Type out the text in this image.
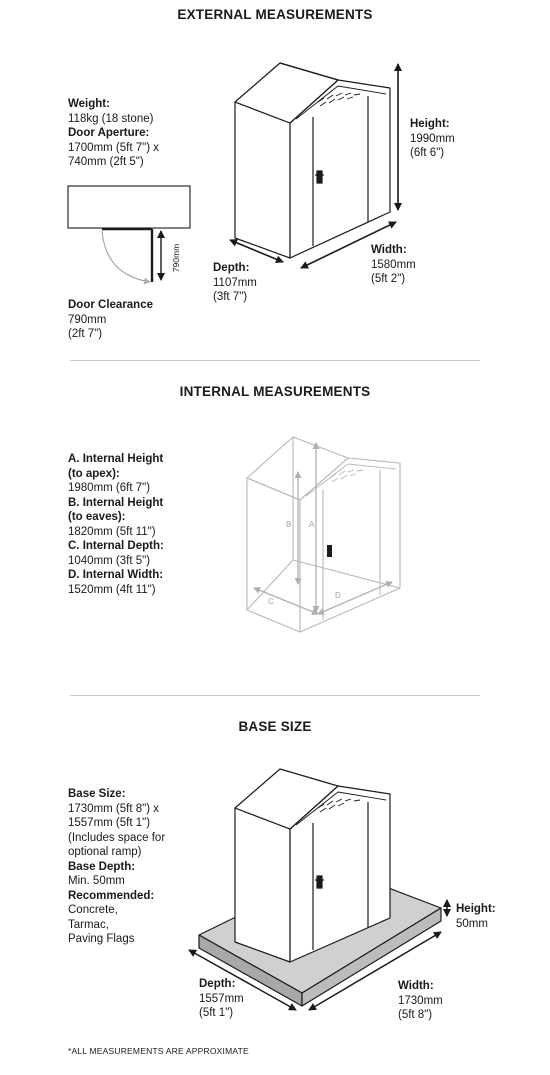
EXTERNAL MEASUREMENTS
Weight:
118kg (18 stone)
Door Aperture:
1700mm (5ft 7") x
740mm (2ft 5")
Door Clearance
790mm
(2ft 7")
Height:
1990mm
(6ft 6")
Width:
1580mm
(5ft 2")
Depth:
1107mm
(3ft 7")
INTERNAL MEASUREMENTS
A. Internal Height
(to apex):
1980mm (6ft 7")
B. Internal Height
(to eaves):
1820mm (5ft 11")
C. Internal Depth:
1040mm (3ft 5")
D. Internal Width:
1520mm (4ft 11")
BASE SIZE
Base Size:
1730mm (5ft 8") x
1557mm (5ft 1")
(Includes space for
optional ramp)
Base Depth:
Min. 50mm
Recommended:
Concrete,
Tarmac,
Paving Flags
Height:
50mm
Depth:
1557mm
(5ft 1")
Width:
1730mm
(5ft 8")
*ALL MEASUREMENTS ARE APPROXIMATE
790mm
B A
C
D
